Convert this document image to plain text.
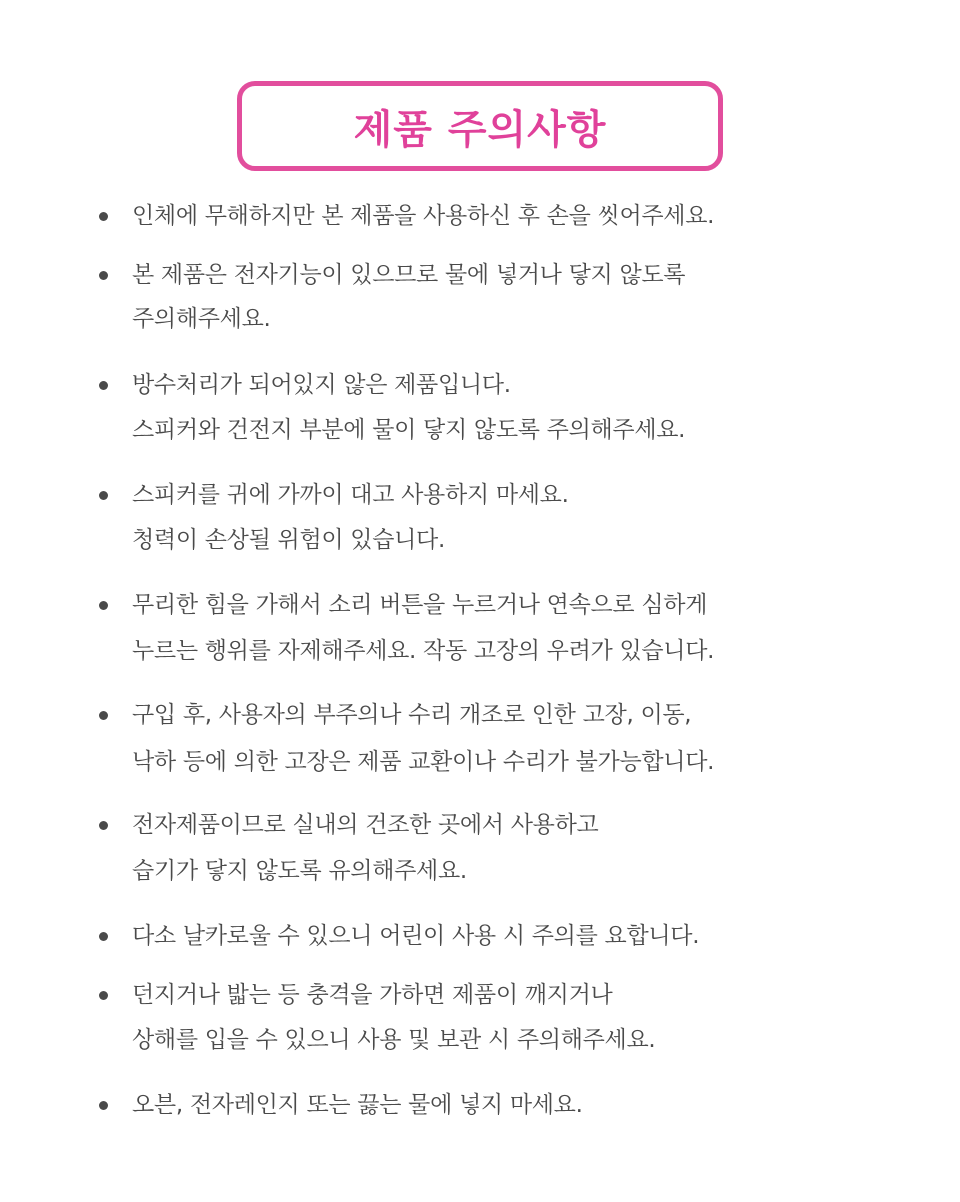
제품 주의사항
인체에 무해하지만 본 제품을 사용하신 후 손을 씻어주세요.
본 제품은 전자기능이 있으므로 물에 넣거나 닿지 않도록
주의해주세요.
방수처리가 되어있지 않은 제품입니다.
스피커와 건전지 부분에 물이 닿지 않도록 주의해주세요.
스피커를 귀에 가까이 대고 사용하지 마세요.
청력이 손상될 위험이 있습니다.
무리한 힘을 가해서 소리 버튼을 누르거나 연속으로 심하게
누르는 행위를 자제해주세요. 작동 고장의 우려가 있습니다.
구입 후, 사용자의 부주의나 수리 개조로 인한 고장, 이동,
낙하 등에 의한 고장은 제품 교환이나 수리가 불가능합니다.
전자제품이므로 실내의 건조한 곳에서 사용하고
습기가 닿지 않도록 유의해주세요.
다소 날카로울 수 있으니 어린이 사용 시 주의를 요합니다.
던지거나 밟는 등 충격을 가하면 제품이 깨지거나
상해를 입을 수 있으니 사용 및 보관 시 주의해주세요.
오븐, 전자레인지 또는 끓는 물에 넣지 마세요.
